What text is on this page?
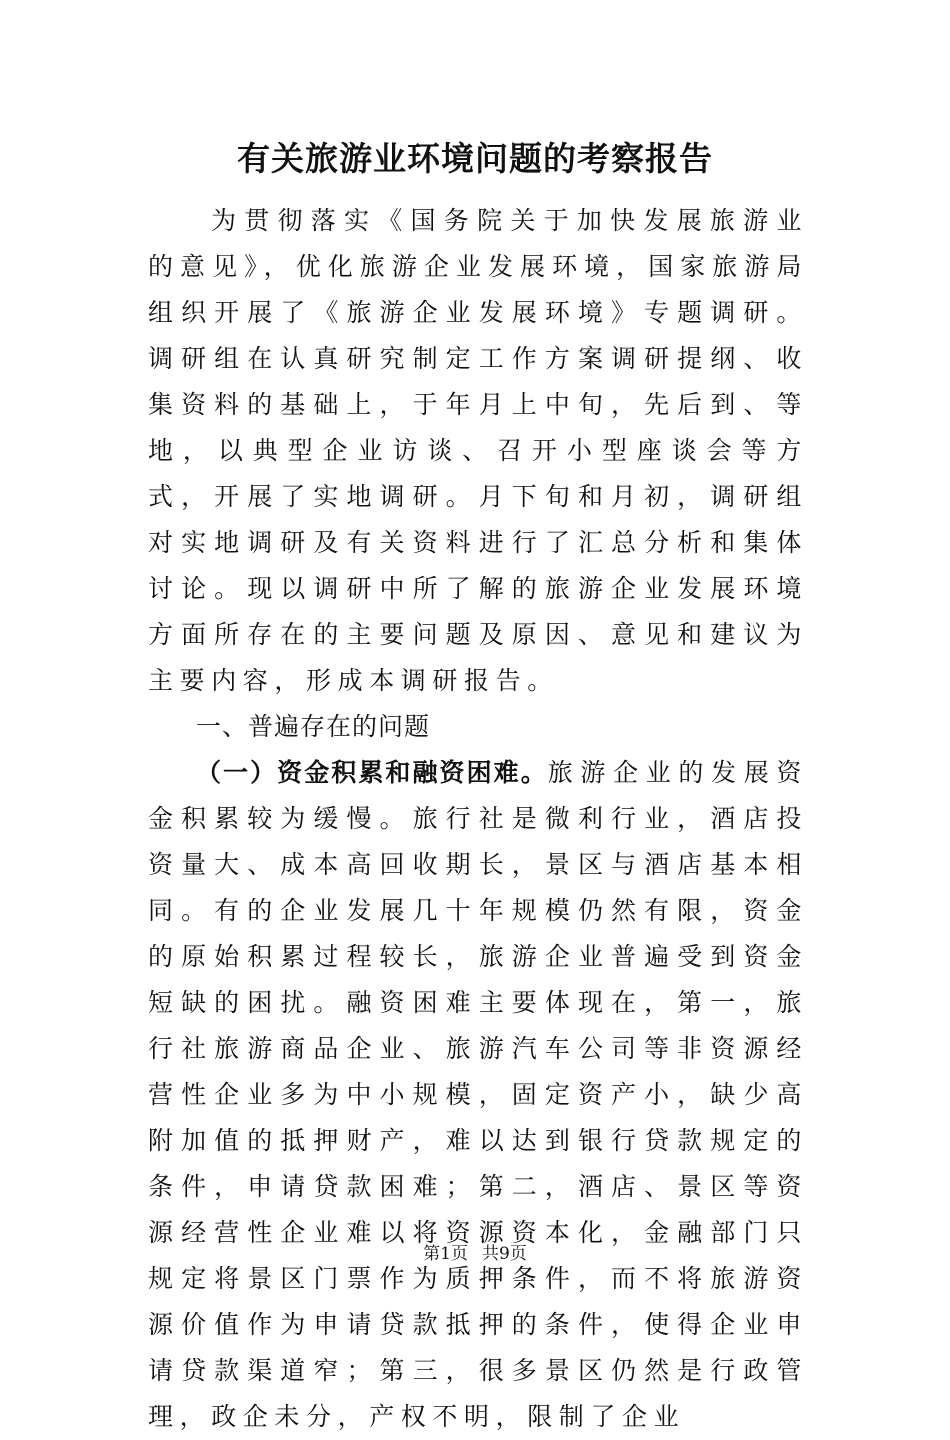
有关旅游业环境问题的考察报告

为贯彻落实《国务院关于加快发展旅游业的意见》，优化旅游企业发展环境，国家旅游局组织开展了《旅游企业发展环境》专题调研。调研组在认真研究制定工作方案调研提纲、收集资料的基础上，于年月上中旬，先后到、等地，以典型企业访谈、召开小型座谈会等方式，开展了实地调研。月下旬和月初，调研组对实地调研及有关资料进行了汇总分析和集体讨论。现以调研中所了解的旅游企业发展环境方面所存在的主要问题及原因、意见和建议为主要内容，形成本调研报告。

一、普遍存在的问题

（一）资金积累和融资困难。旅游企业的发展资金积累较为缓慢。旅行社是微利行业，酒店投资量大、成本高回收期长，景区与酒店基本相同。有的企业发展几十年规模仍然有限，资金的原始积累过程较长，旅游企业普遍受到资金短缺的困扰。融资困难主要体现在，第一，旅行社旅游商品企业、旅游汽车公司等非资源经营性企业多为中小规模，固定资产小，缺少高附加值的抵押财产，难以达到银行贷款规定的条件，申请贷款困难；第二，酒店、景区等资源经营性企业难以将资源资本化，金融部门只规定将景区门票作为质押条件，而不将旅游资源价值作为申请贷款抵押的条件，使得企业申请贷款渠道窄；第三，很多景区仍然是行政管理，政企未分，产权不明，限制了企业

第1页 共9页
